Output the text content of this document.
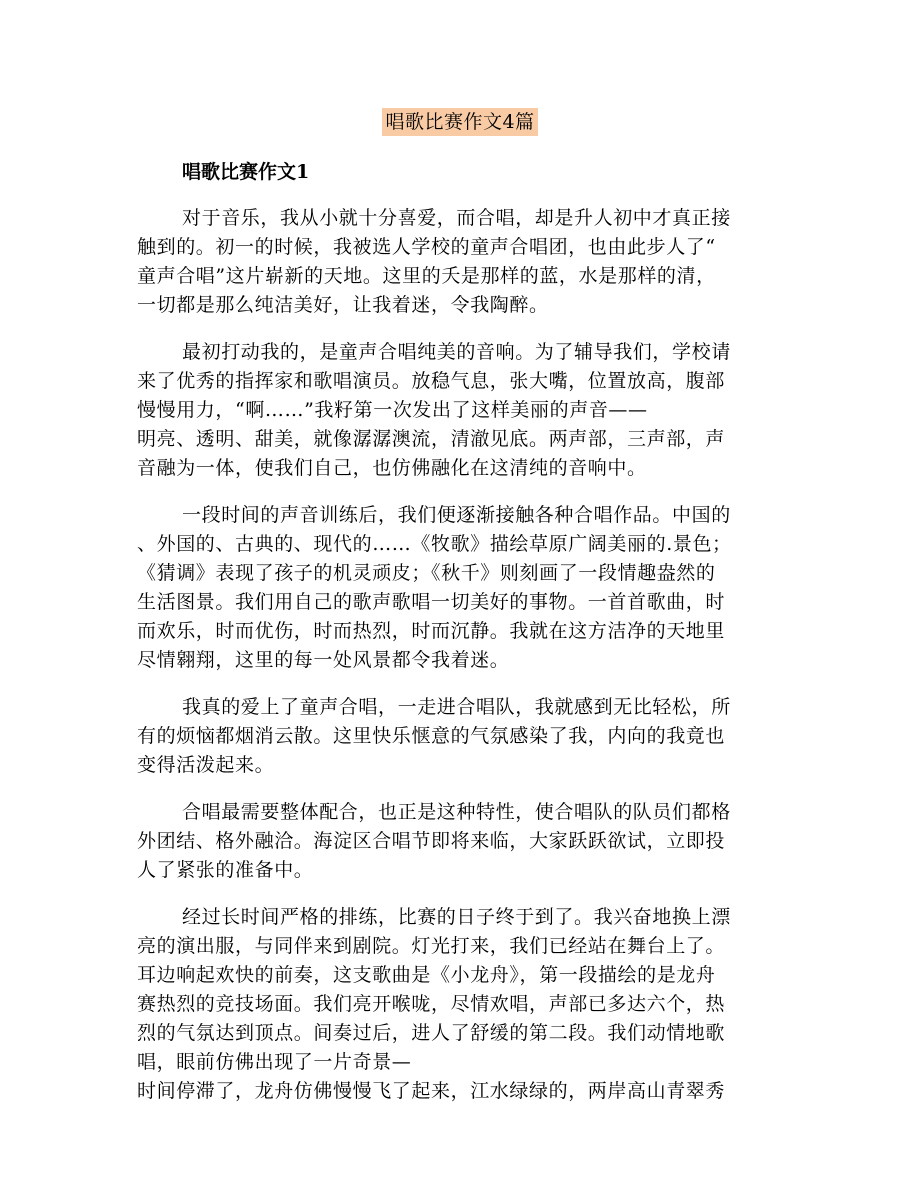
唱歌比赛作文4篇
唱歌比赛作文1
对于音乐，我从小就十分喜爱，而合唱，却是升人初中才真正接
触到的。初一的时候，我被选人学校的童声合唱团，也由此步人了“
童声合唱”这片崭新的天地。这里的夭是那样的蓝，水是那样的清，
一切都是那么纯洁美好，让我着迷，令我陶醉。
最初打动我的，是童声合唱纯美的音响。为了辅导我们，学校请
来了优秀的指挥家和歌唱演员。放稳气息，张大嘴，位置放高，腹部
慢慢用力，“啊……”我籽第一次发出了这样美丽的声音——
明亮、透明、甜美，就像潺潺澳流，清澈见底。两声部，三声部，声
音融为一体，使我们自己，也仿佛融化在这清纯的音响中。
一段时间的声音训练后，我们便逐渐接触各种合唱作品。中国的
、外国的、古典的、现代的……《牧歌》描绘草原广阔美丽的.景色；
《猜调》表现了孩子的机灵顽皮；《秋千》则刻画了一段情趣盎然的
生活图景。我们用自己的歌声歌唱一切美好的事物。一首首歌曲，时
而欢乐，时而优伤，时而热烈，时而沉静。我就在这方洁净的天地里
尽情翱翔，这里的每一处风景都令我着迷。
我真的爱上了童声合唱，一走进合唱队，我就感到无比轻松，所
有的烦恼都烟消云散。这里快乐惬意的气氛感染了我，内向的我竟也
变得活泼起来。
合唱最需要整体配合，也正是这种特性，使合唱队的队员们都格
外团结、格外融洽。海淀区合唱节即将来临，大家跃跃欲试，立即投
人了紧张的准备中。
经过长时间严格的排练，比赛的日子终于到了。我兴奋地换上漂
亮的演出服，与同伴来到剧院。灯光打来，我们已经站在舞台上了。
耳边响起欢快的前奏，这支歌曲是《小龙舟》，第一段描绘的是龙舟
赛热烈的竞技场面。我们亮开喉咙，尽情欢唱，声部已多达六个，热
烈的气氛达到顶点。间奏过后，进人了舒缓的第二段。我们动情地歌
唱，眼前仿佛出现了一片奇景—
时间停滞了，龙舟仿佛慢慢飞了起来，江水绿绿的，两岸高山青翠秀
